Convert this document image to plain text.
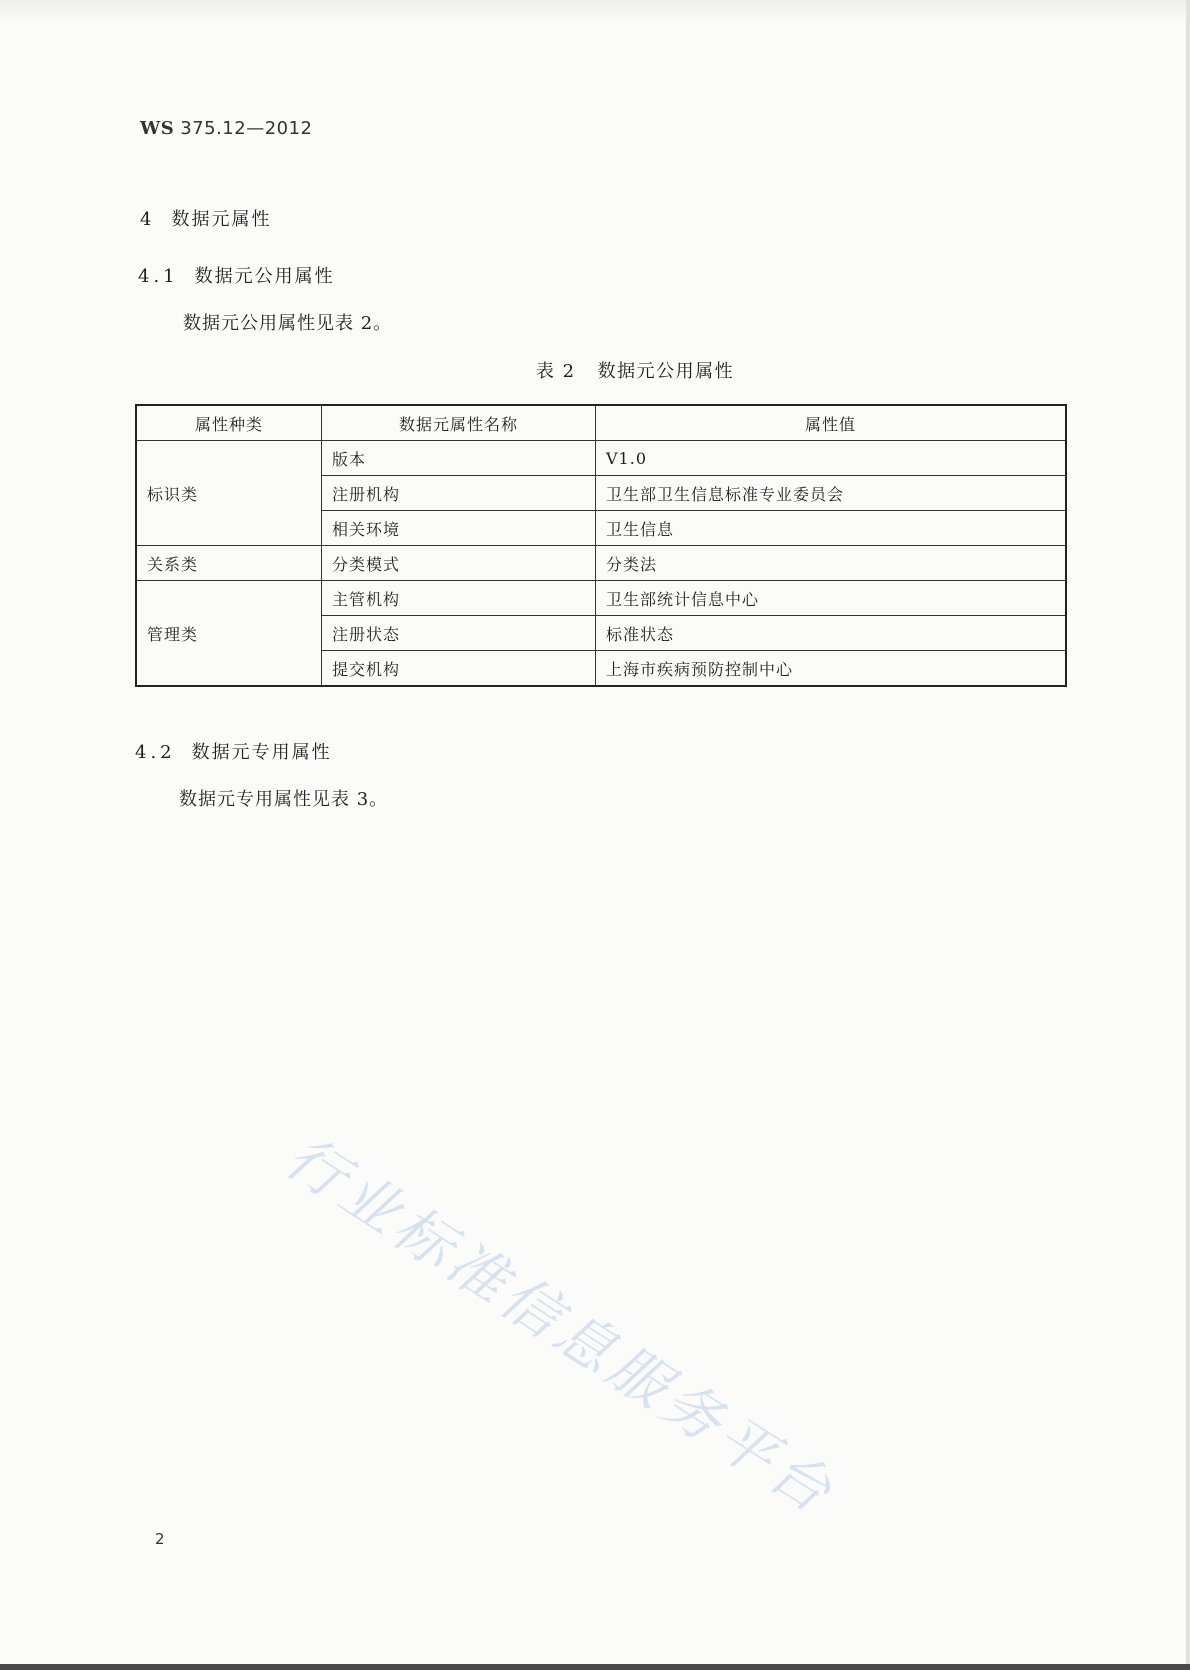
WS 375.12—2012
4 数据元属性
4.1 数据元公用属性
数据元公用属性见表 2。
表 2 数据元公用属性
属性种类	数据元属性名称	属性值
标识类	版本	V1.0
	注册机构	卫生部卫生信息标准专业委员会
	相关环境	卫生信息
关系类	分类模式	分类法
管理类	主管机构	卫生部统计信息中心
	注册状态	标准状态
	提交机构	上海市疾病预防控制中心
4.2 数据元专用属性
数据元专用属性见表 3。
行业标准信息服务平台
2
